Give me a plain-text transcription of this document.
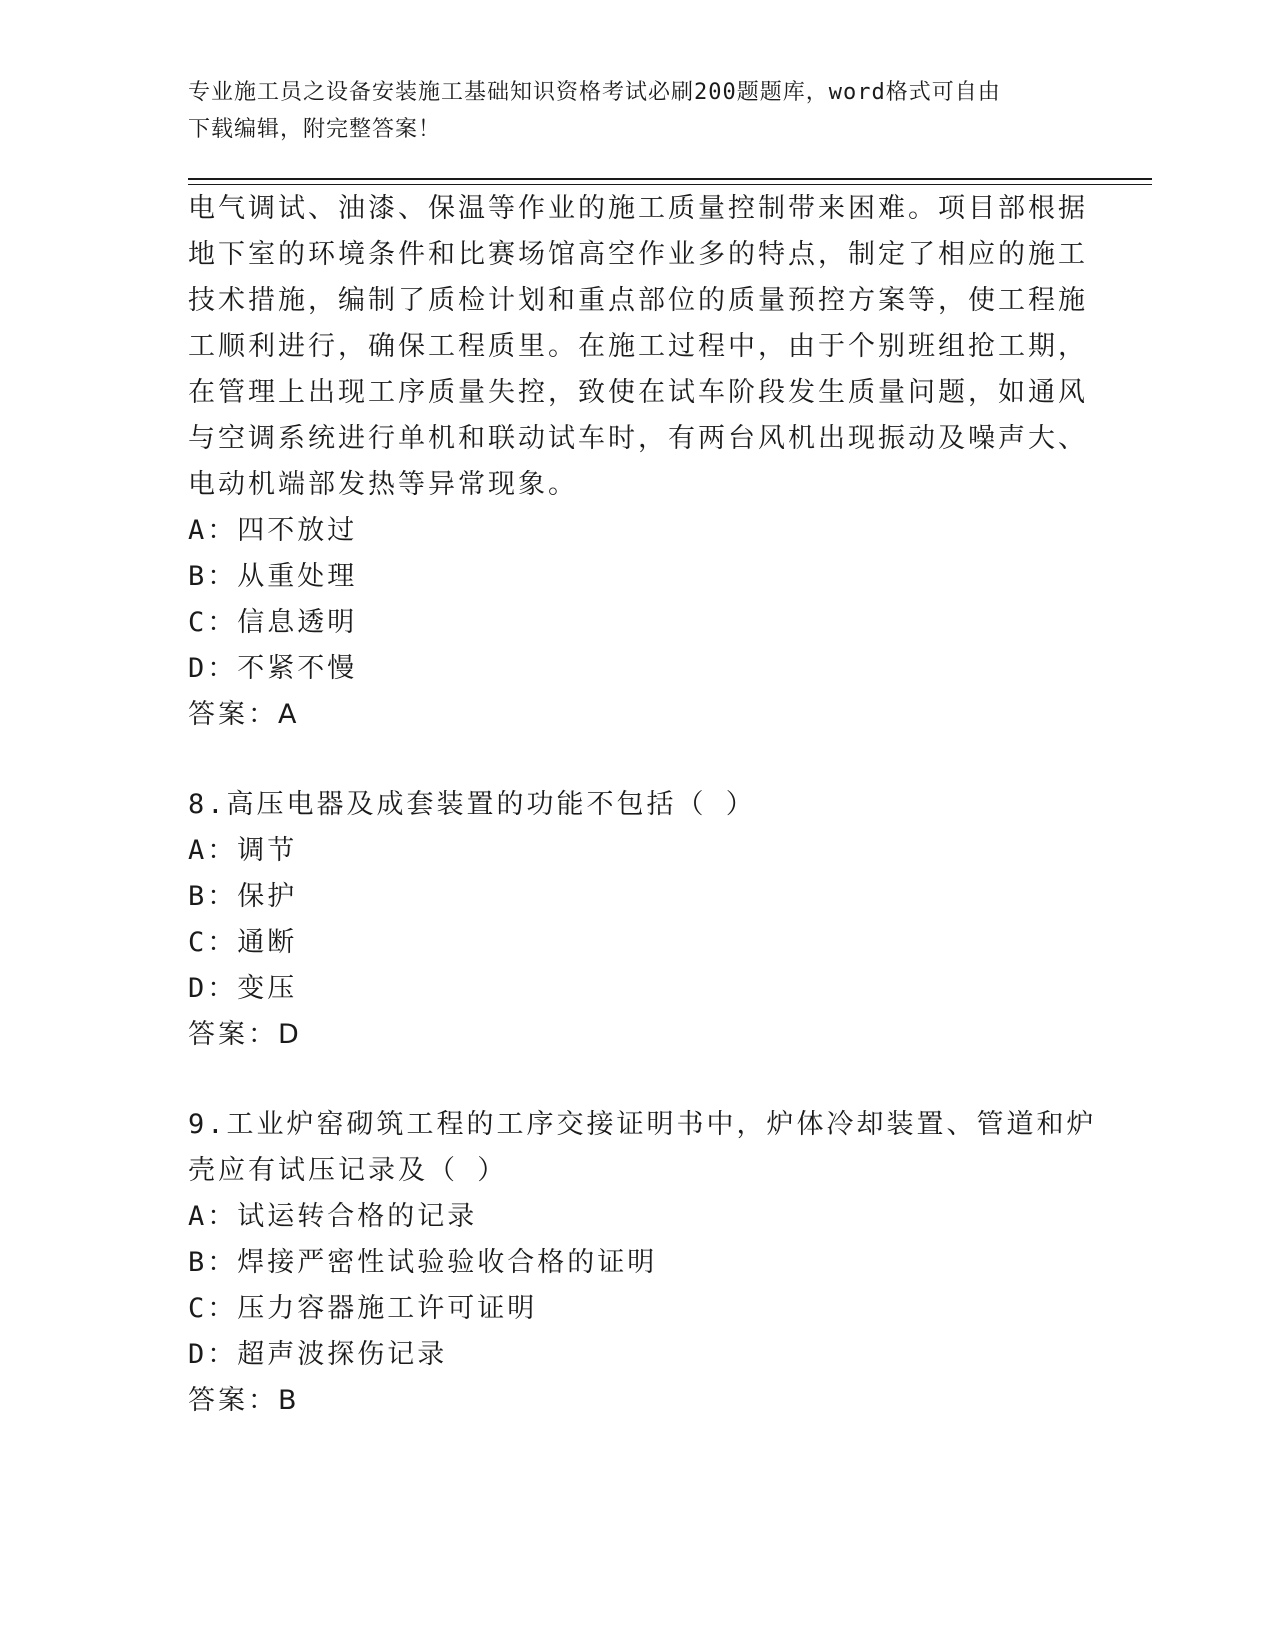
专业施工员之设备安装施工基础知识资格考试必刷200题题库，word格式可自由
下载编辑，附完整答案！
电气调试、油漆、保温等作业的施工质量控制带来困难。项目部根据
地下室的环境条件和比赛场馆高空作业多的特点，制定了相应的施工
技术措施，编制了质检计划和重点部位的质量预控方案等，使工程施
工顺利进行，确保工程质里。在施工过程中，由于个别班组抢工期，
在管理上出现工序质量失控，致使在试车阶段发生质量问题，如通风
与空调系统进行单机和联动试车时，有两台风机出现振动及噪声大、
电动机端部发热等异常现象。
A：四不放过
B：从重处理
C：信息透明
D：不紧不慢
答案：A
8.高压电器及成套装置的功能不包括（ ）
A：调节
B：保护
C：通断
D：变压
答案：D
9.工业炉窑砌筑工程的工序交接证明书中，炉体冷却装置、管道和炉
壳应有试压记录及（ ）
A：试运转合格的记录
B：焊接严密性试验验收合格的证明
C：压力容器施工许可证明
D：超声波探伤记录
答案：B
